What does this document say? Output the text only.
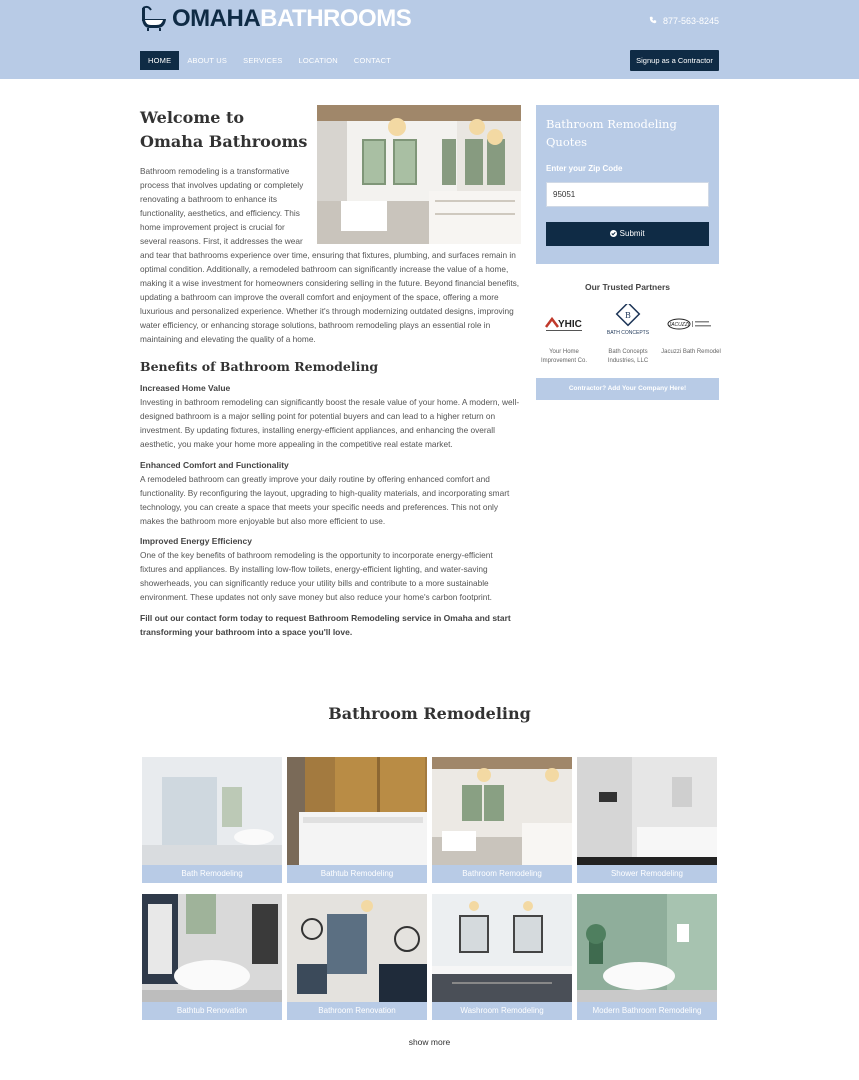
OMAHA BATHROOMS	877-563-8245
HOME	ABOUT US	SERVICES	LOCATION	CONTACT	Signup as a Contractor
Welcome to Omaha Bathrooms
Bathroom remodeling is a transformative process that involves updating or completely renovating a bathroom to enhance its functionality, aesthetics, and efficiency. This home improvement project is crucial for several reasons. First, it addresses the wear and tear that bathrooms experience over time, ensuring that fixtures, plumbing, and surfaces remain in optimal condition. Additionally, a remodeled bathroom can significantly increase the value of a home, making it a wise investment for homeowners considering selling in the future. Beyond financial benefits, updating a bathroom can improve the overall comfort and enjoyment of the space, offering a more luxurious and personalized experience. Whether it's through modernizing outdated designs, improving water efficiency, or enhancing storage solutions, bathroom remodeling plays an essential role in maintaining and elevating the quality of a home.
Benefits of Bathroom Remodeling
Increased Home Value

Investing in bathroom remodeling can significantly boost the resale value of your home. A modern, well-designed bathroom is a major selling point for potential buyers and can lead to a higher return on investment. By updating fixtures, installing energy-efficient appliances, and enhancing the overall aesthetic, you make your home more appealing in the competitive real estate market.

Enhanced Comfort and Functionality

A remodeled bathroom can greatly improve your daily routine by offering enhanced comfort and functionality. By reconfiguring the layout, upgrading to high-quality materials, and incorporating smart technology, you can create a space that meets your specific needs and preferences. This not only makes the bathroom more enjoyable but also more efficient to use.

Improved Energy Efficiency

One of the key benefits of bathroom remodeling is the opportunity to incorporate energy-efficient fixtures and appliances. By installing low-flow toilets, energy-efficient lighting, and water-saving showerheads, you can significantly reduce your utility bills and contribute to a more sustainable environment. These updates not only save money but also reduce your home's carbon footprint.

Fill out our contact form today to request Bathroom Remodeling service in Omaha and start transforming your bathroom into a space you'll love.
Bathroom Remodeling Quotes
Enter your Zip Code
95051
Submit
Our Trusted Partners
YHIC
Your Home Improvement Co.
B
BATH CONCEPTS
Bath Concepts Industries, LLC
JACUZZI
Jacuzzi Bath Remodel
Contractor? Add Your Company Here!
Bathroom Remodeling
Bath Remodeling	Bathtub Remodeling	Bathroom Remodeling	Shower Remodeling
Bathtub Renovation	Bathroom Renovation	Washroom Remodeling	Modern Bathroom Remodeling
show more
